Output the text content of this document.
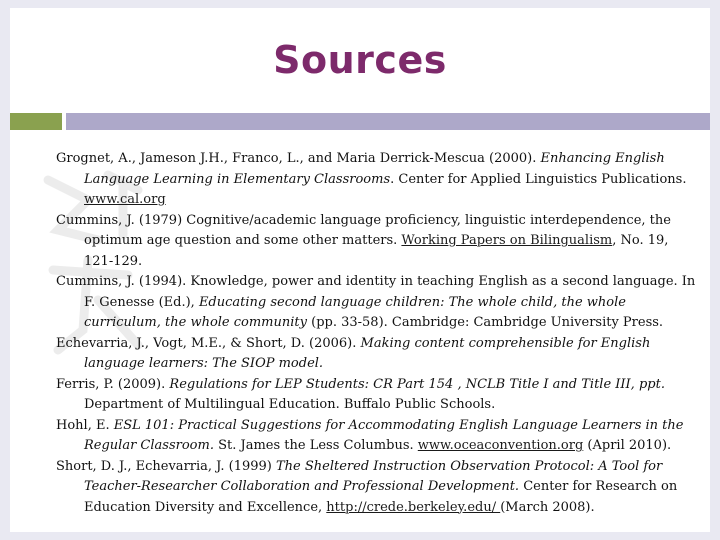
Sources

Grognet, A., Jameson J.H., Franco, L., and Maria Derrick-Mescua (2000). Enhancing English Language Learning in Elementary Classrooms. Center for Applied Linguistics Publications. www.cal.org

Cummins, J. (1979) Cognitive/academic language proficiency, linguistic interdependence, the optimum age question and some other matters. Working Papers on Bilingualism, No. 19, 121-129.

Cummins, J. (1994). Knowledge, power and identity in teaching English as a second language. In F. Genesse (Ed.), Educating second language children: The whole child, the whole curriculum, the whole community (pp. 33-58). Cambridge: Cambridge University Press.

Echevarria, J., Vogt, M.E., & Short, D. (2006). Making content comprehensible for English language learners: The SIOP model.

Ferris, P. (2009). Regulations for LEP Students: CR Part 154 , NCLB Title I and Title III, ppt. Department of Multilingual Education. Buffalo Public Schools.

Hohl, E. ESL 101: Practical Suggestions for Accommodating English Language Learners in the Regular Classroom. St. James the Less Columbus. www.oceaconvention.org (April 2010).

Short, D. J., Echevarria, J. (1999) The Sheltered Instruction Observation Protocol: A Tool for Teacher-Researcher Collaboration and Professional Development. Center for Research on Education Diversity and Excellence, http://crede.berkeley.edu/ (March 2008).
